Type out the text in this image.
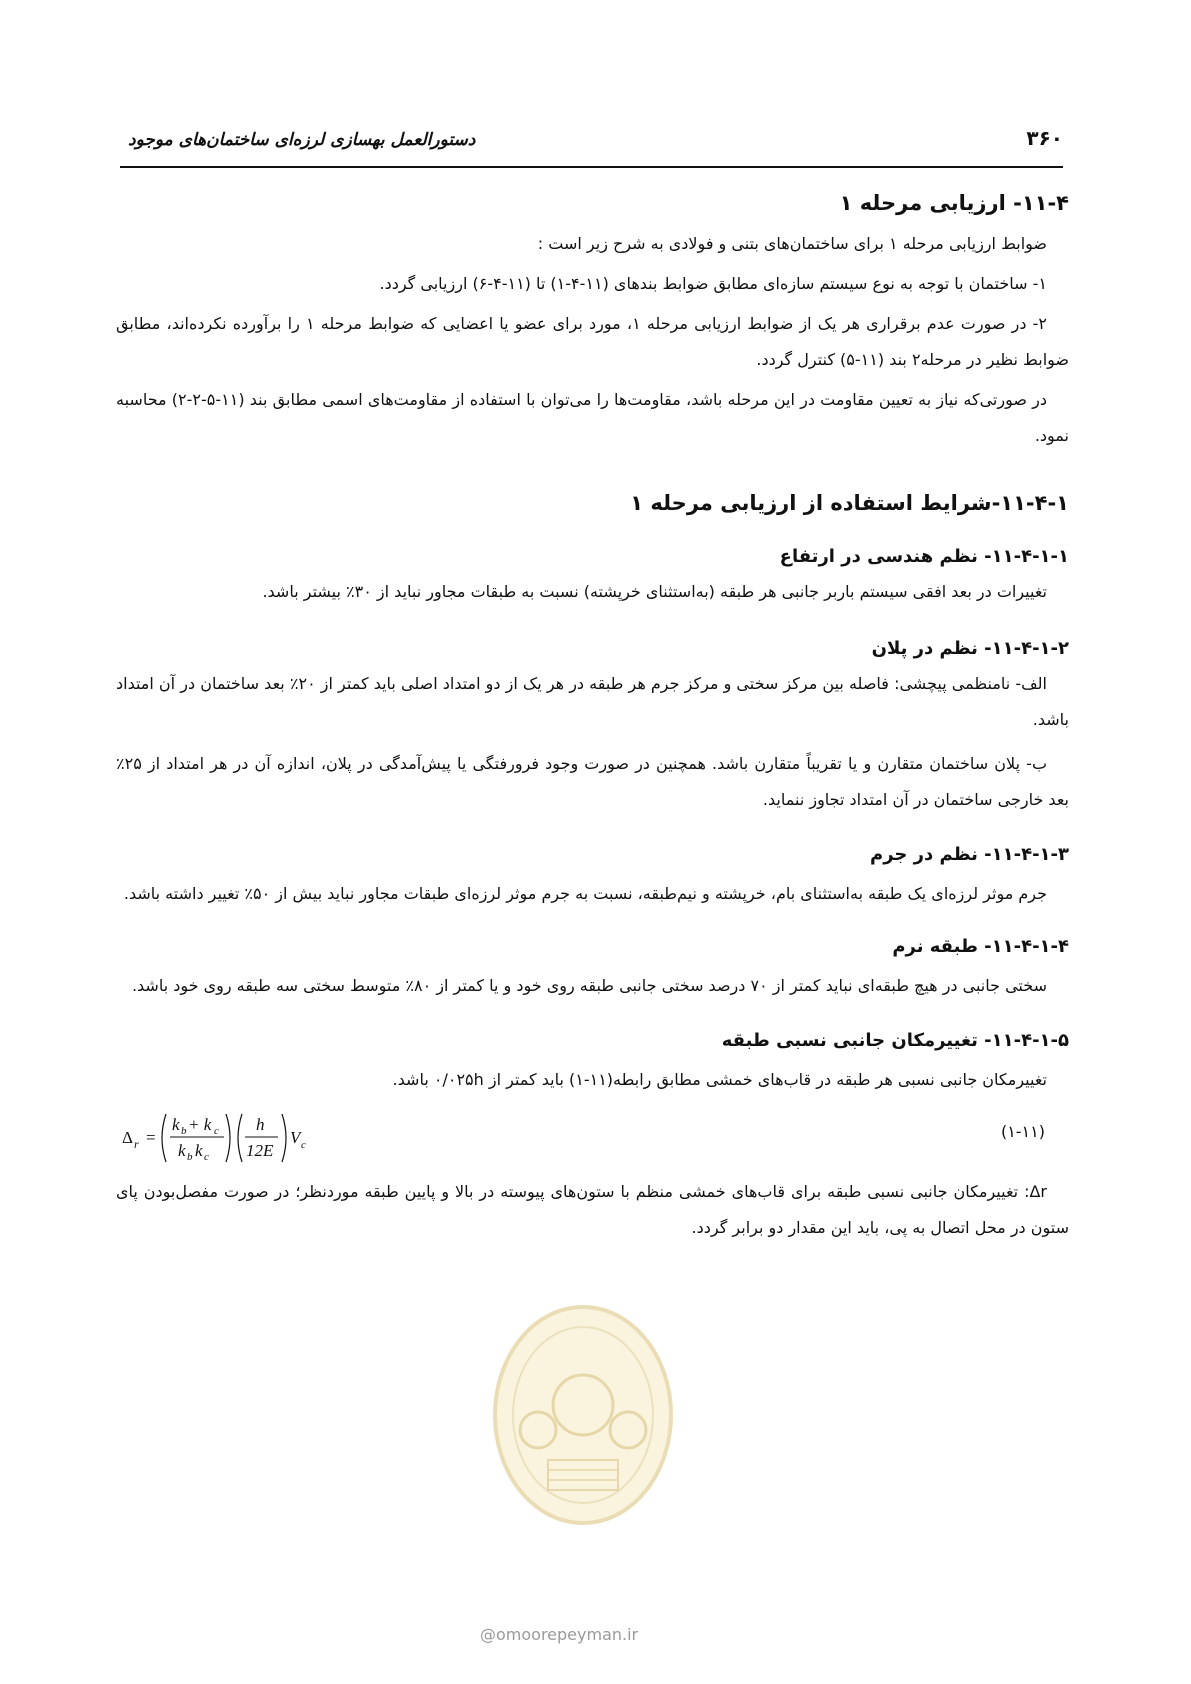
۳۶۰
دستورالعمل بهسازی لرزه‌ای ساختمان‌های موجود
۱۱-۴- ارزیابی مرحله ۱

ضوابط ارزیابی مرحله ۱ برای ساختمان‌های بتنی و فولادی به شرح زیر است :

۱- ساختمان با توجه به نوع سیستم سازه‌ای مطابق ضوابط بندهای (۱۱-۴-۱) تا (۱۱-۴-۶) ارزیابی گردد.

۲- در صورت عدم برقراری هر یک از ضوابط ارزیابی مرحله ۱، مورد برای عضو یا اعضایی که ضوابط مرحله ۱ را برآورده نکرده‌اند، مطابق ضوابط نظیر در مرحله۲ بند (۱۱-۵) کنترل گردد.

در صورتی‌که نیاز به تعیین مقاومت در این مرحله باشد، مقاومت‌ها را می‌توان با استفاده از مقاومت‌های اسمی مطابق بند (۱۱-۵-۲-۲) محاسبه نمود.

۱۱-۴-۱-شرایط استفاده از ارزیابی مرحله ۱
۱۱-۴-۱-۱- نظم هندسی در ارتفاع

تغییرات در بعد افقی سیستم باربر جانبی هر طبقه (به‌استثنای خرپشته) نسبت به طبقات مجاور نباید از ۳۰٪ بیشتر باشد.

۱۱-۴-۱-۲- نظم در پلان

الف- نامنظمی پیچشی: فاصله بین مرکز سختی و مرکز جرم هر طبقه در هر یک از دو امتداد اصلی باید کمتر از ۲۰٪ بعد ساختمان در آن امتداد باشد.

ب- پلان ساختمان متقارن و یا تقریباً متقارن باشد. همچنین در صورت وجود فرورفتگی یا پیش‌آمدگی در پلان، اندازه آن در هر امتداد از ۲۵٪ بعد خارجی ساختمان در آن امتداد تجاوز ننماید.

۱۱-۴-۱-۳- نظم در جرم

جرم موثر لرزه‌ای یک طبقه به‌استثنای بام، خرپشته و نیم‌طبقه، نسبت به جرم موثر لرزه‌ای طبقات مجاور نباید بیش از ۵۰٪ تغییر داشته باشد.

۱۱-۴-۱-۴- طبقه نرم

سختی جانبی در هیچ طبقه‌ای نباید کمتر از ۷۰ درصد سختی جانبی طبقه روی خود و یا کمتر از ۸۰٪ متوسط سختی سه طبقه روی خود باشد.

۱۱-۴-۱-۵- تغییرمکان جانبی نسبی طبقه

تغییرمکان جانبی نسبی هر طبقه در قاب‌های خمشی مطابق رابطه(۱۱-۱) باید کمتر از ۰/۰۲۵h باشد.

(۱-۱۱)
Δ r =
k b + k c
k b k c
h
12E
V c

Δr: تغییرمکان جانبی نسبی طبقه برای قاب‌های خمشی منظم با ستون‌های پیوسته در بالا و پایین طبقه موردنظر؛ در صورت مفصل‌بودن پای ستون در محل اتصال به پی، باید این مقدار دو برابر گردد.

@omoorepeyman.ir
